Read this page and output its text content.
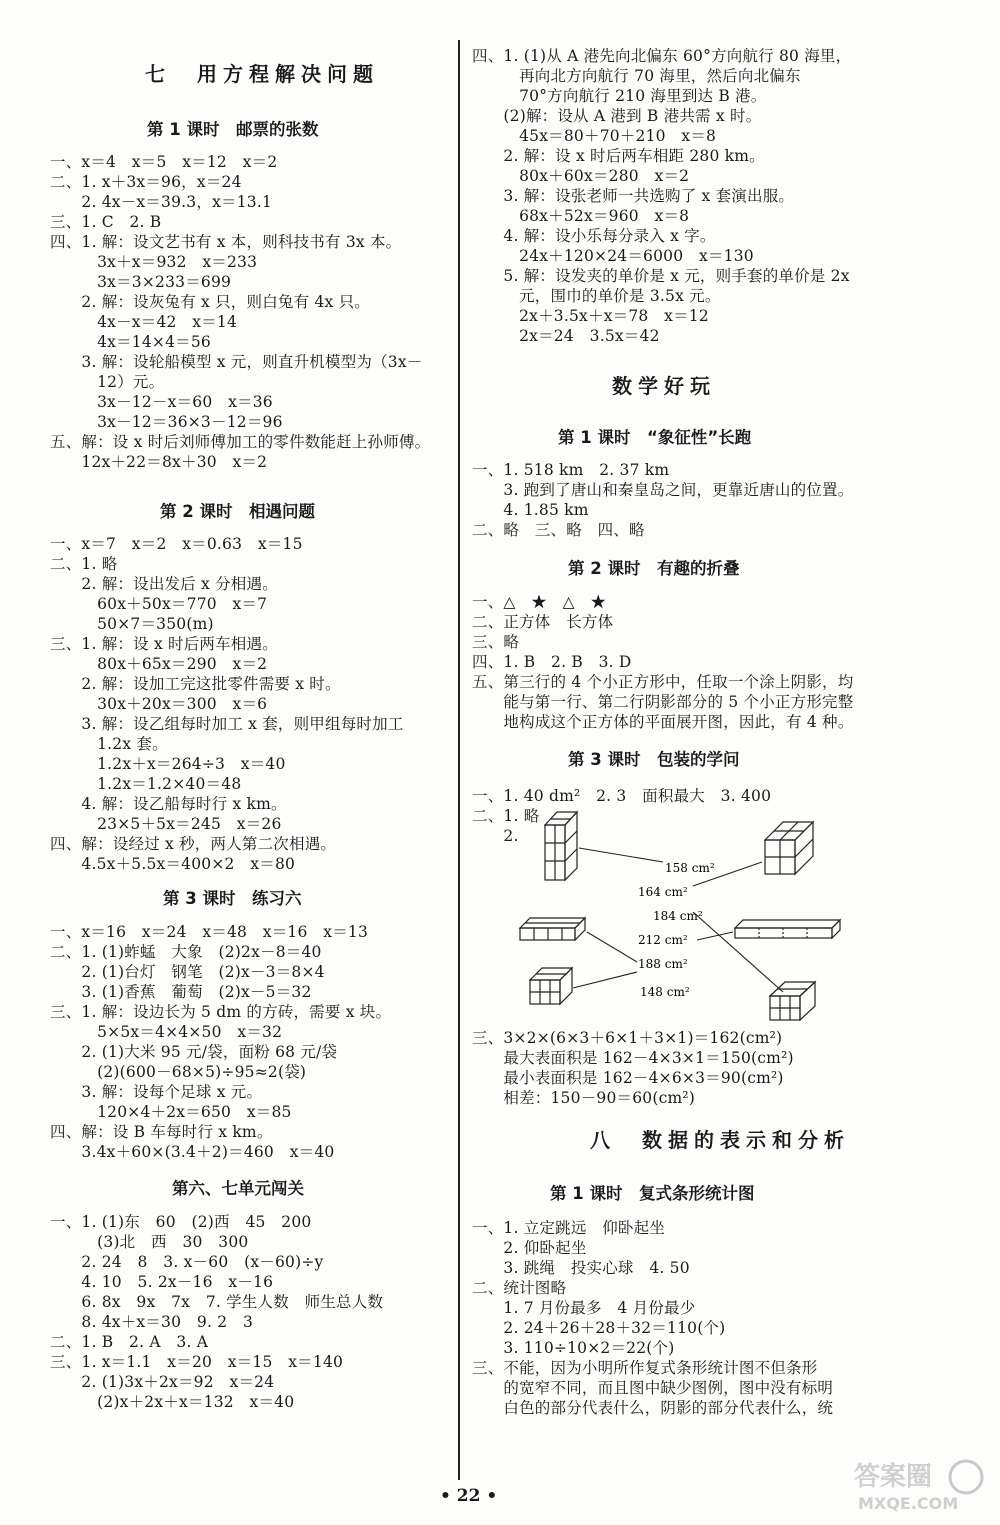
七　用方程解决问题
第 1 课时　邮票的张数
一、x＝4　x＝5　x＝12　x＝2
二、1. x＋3x＝96，x＝24
　　2. 4x－x＝39.3，x＝13.1
三、1. C　2. B
四、1. 解：设文艺书有 x 本，则科技书有 3x 本。
　　　3x＋x＝932　x＝233
　　　3x＝3×233＝699
　　2. 解：设灰兔有 x 只，则白兔有 4x 只。
　　　4x－x＝42　x＝14
　　　4x＝14×4＝56
　　3. 解：设轮船模型 x 元，则直升机模型为（3x－
　　　12）元。
　　　3x－12－x＝60　x＝36
　　　3x－12＝36×3－12＝96
五、解：设 x 时后刘师傅加工的零件数能赶上孙师傅。
　　12x＋22＝8x＋30　x＝2
第 2 课时　相遇问题
一、x＝7　x＝2　x＝0.63　x＝15
二、1. 略
　　2. 解：设出发后 x 分相遇。
　　　60x＋50x＝770　x＝7
　　　50×7＝350(m)
三、1. 解：设 x 时后两车相遇。
　　　80x＋65x＝290　x＝2
　　2. 解：设加工完这批零件需要 x 时。
　　　30x＋20x＝300　x＝6
　　3. 解：设乙组每时加工 x 套，则甲组每时加工
　　　1.2x 套。
　　　1.2x＋x＝264÷3　x＝40
　　　1.2x＝1.2×40＝48
　　4. 解：设乙船每时行 x km。
　　　23×5＋5x＝245　x＝26
四、解：设经过 x 秒，两人第二次相遇。
　　4.5x＋5.5x＝400×2　x＝80
第 3 课时　练习六
一、x＝16　x＝24　x＝48　x＝16　x＝13
二、1. (1)蚱蜢　大象　(2)2x－8＝40
　　2. (1)台灯　钢笔　(2)x－3＝8×4
　　3. (1)香蕉　葡萄　(2)x－5＝32
三、1. 解：设边长为 5 dm 的方砖，需要 x 块。
　　　5×5x＝4×4×50　x＝32
　　2. (1)大米 95 元/袋，面粉 68 元/袋
　　　(2)(600－68×5)÷95≈2(袋)
　　3. 解：设每个足球 x 元。
　　　120×4＋2x＝650　x＝85
四、解：设 B 车每时行 x km。
　　3.4x＋60×(3.4＋2)＝460　x＝40
第六、七单元闯关
一、1. (1)东　60　(2)西　45　200
　　　(3)北　西　30　300
　　2. 24　8　3. x－60　(x－60)÷y
　　4. 10　5. 2x－16　x－16
　　6. 8x　9x　7x　7. 学生人数　师生总人数
　　8. 4x＋x＝30　9. 2　3
二、1. B　2. A　3. A
三、1. x＝1.1　x＝20　x＝15　x＝140
　　2. (1)3x＋2x＝92　x＝24
　　　(2)x＋2x＋x＝132　x＝40
四、1. (1)从 A 港先向北偏东 60°方向航行 80 海里，
　　　再向北方向航行 70 海里，然后向北偏东
　　　70°方向航行 210 海里到达 B 港。
　　(2)解：设从 A 港到 B 港共需 x 时。
　　　45x＝80＋70＋210　x＝8
　　2. 解：设 x 时后两车相距 280 km。
　　　80x＋60x＝280　x＝2
　　3. 解：设张老师一共选购了 x 套演出服。
　　　68x＋52x＝960　x＝8
　　4. 解：设小乐每分录入 x 字。
　　　24x＋120×24＝6000　x＝130
　　5. 解：设发夹的单价是 x 元，则手套的单价是 2x
　　　元，围巾的单价是 3.5x 元。
　　　2x＋3.5x＋x＝78　x＝12
　　　2x＝24　3.5x＝42
数学好玩
第 1 课时　“象征性”长跑
一、1. 518 km　2. 37 km
　　3. 跑到了唐山和秦皇岛之间，更靠近唐山的位置。
　　4. 1.85 km
二、略　三、略　四、略
第 2 课时　有趣的折叠
一、△　★　△　★
二、正方体　长方体
三、略
四、1. B　2. B　3. D
五、第三行的 4 个小正方形中，任取一个涂上阴影，均
　　能与第一行、第二行阴影部分的 5 个小正方形完整
　　地构成这个正方体的平面展开图，因此，有 4 种。
第 3 课时　包装的学问
一、1. 40 dm²　2. 3　面积最大　3. 400
二、1. 略
　　2.
三、3×2×(6×3＋6×1＋3×1)＝162(cm²)
　　最大表面积是 162－4×3×1＝150(cm²)
　　最小表面积是 162－4×6×3＝90(cm²)
　　相差：150－90＝60(cm²)
八　数据的表示和分析
第 1 课时　复式条形统计图
一、1. 立定跳远　仰卧起坐
　　2. 仰卧起坐
　　3. 跳绳　投实心球　4. 50
二、统计图略
　　1. 7 月份最多　4 月份最少
　　2. 24＋26＋28＋32＝110(个)
　　3. 110÷10×2＝22(个)
三、不能，因为小明所作复式条形统计图不但条形
　　的宽窄不同，而且图中缺少图例，图中没有标明
　　白色的部分代表什么，阴影的部分代表什么，统
158 cm²
164 cm²
184 cm²
212 cm²
188 cm²
148 cm²
• 22 •
答案圈
MXQE.COM
